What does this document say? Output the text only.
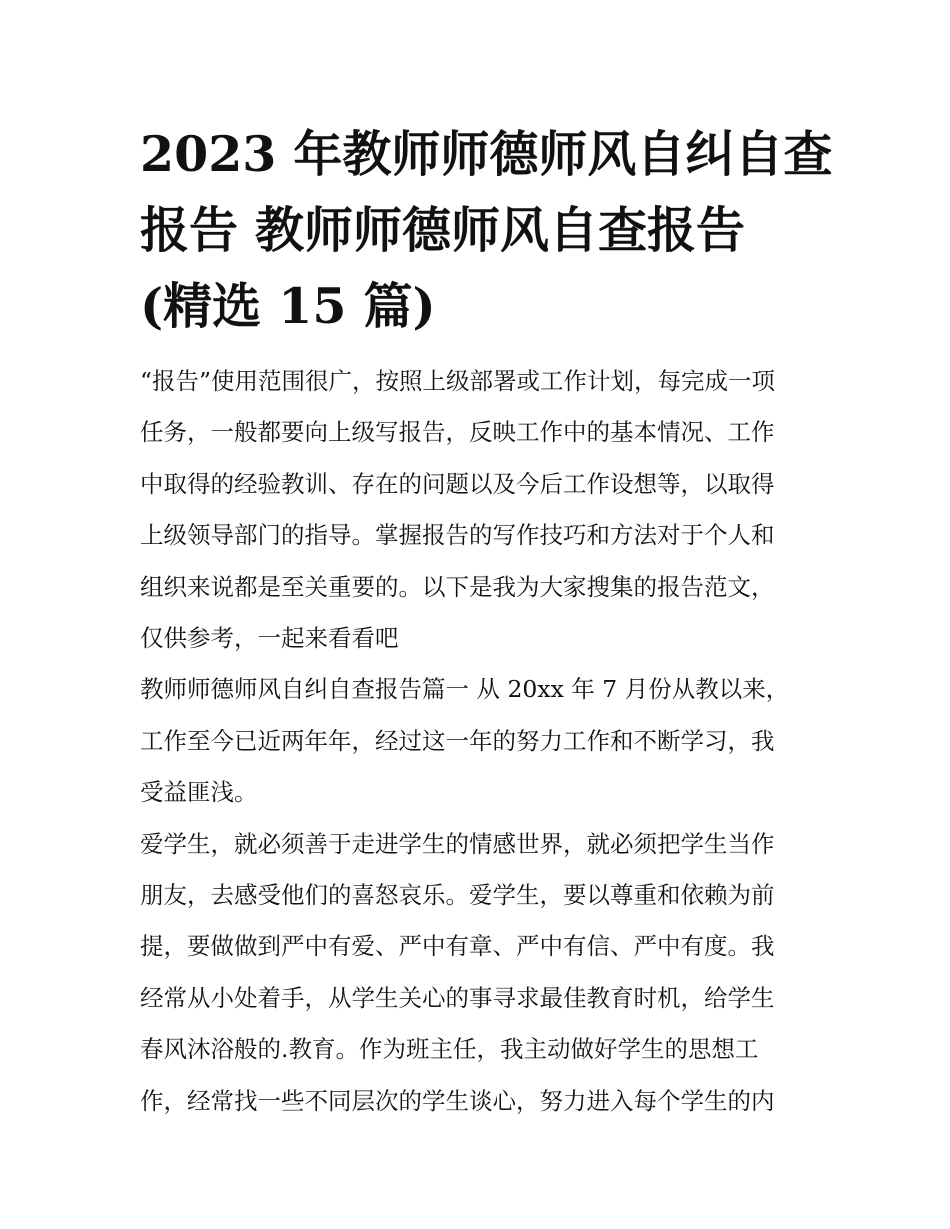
2023 年教师师德师风自纠自查
报告 教师师德师风自查报告
(精选 15 篇)

“报告”使用范围很广，按照上级部署或工作计划，每完成一项
任务，一般都要向上级写报告，反映工作中的基本情况、工作
中取得的经验教训、存在的问题以及今后工作设想等，以取得
上级领导部门的指导。掌握报告的写作技巧和方法对于个人和
组织来说都是至关重要的。以下是我为大家搜集的报告范文，
仅供参考，一起来看看吧

教师师德师风自纠自查报告篇一 从 20xx 年 7 月份从教以来，
工作至今已近两年年，经过这一年的努力工作和不断学习，我
受益匪浅。

爱学生，就必须善于走进学生的情感世界，就必须把学生当作
朋友，去感受他们的喜怒哀乐。爱学生，要以尊重和依赖为前
提，要做做到严中有爱、严中有章、严中有信、严中有度。我
经常从小处着手，从学生关心的事寻求最佳教育时机，给学生
春风沐浴般的.教育。作为班主任，我主动做好学生的思想工
作，经常找一些不同层次的学生谈心，努力进入每个学生的内
